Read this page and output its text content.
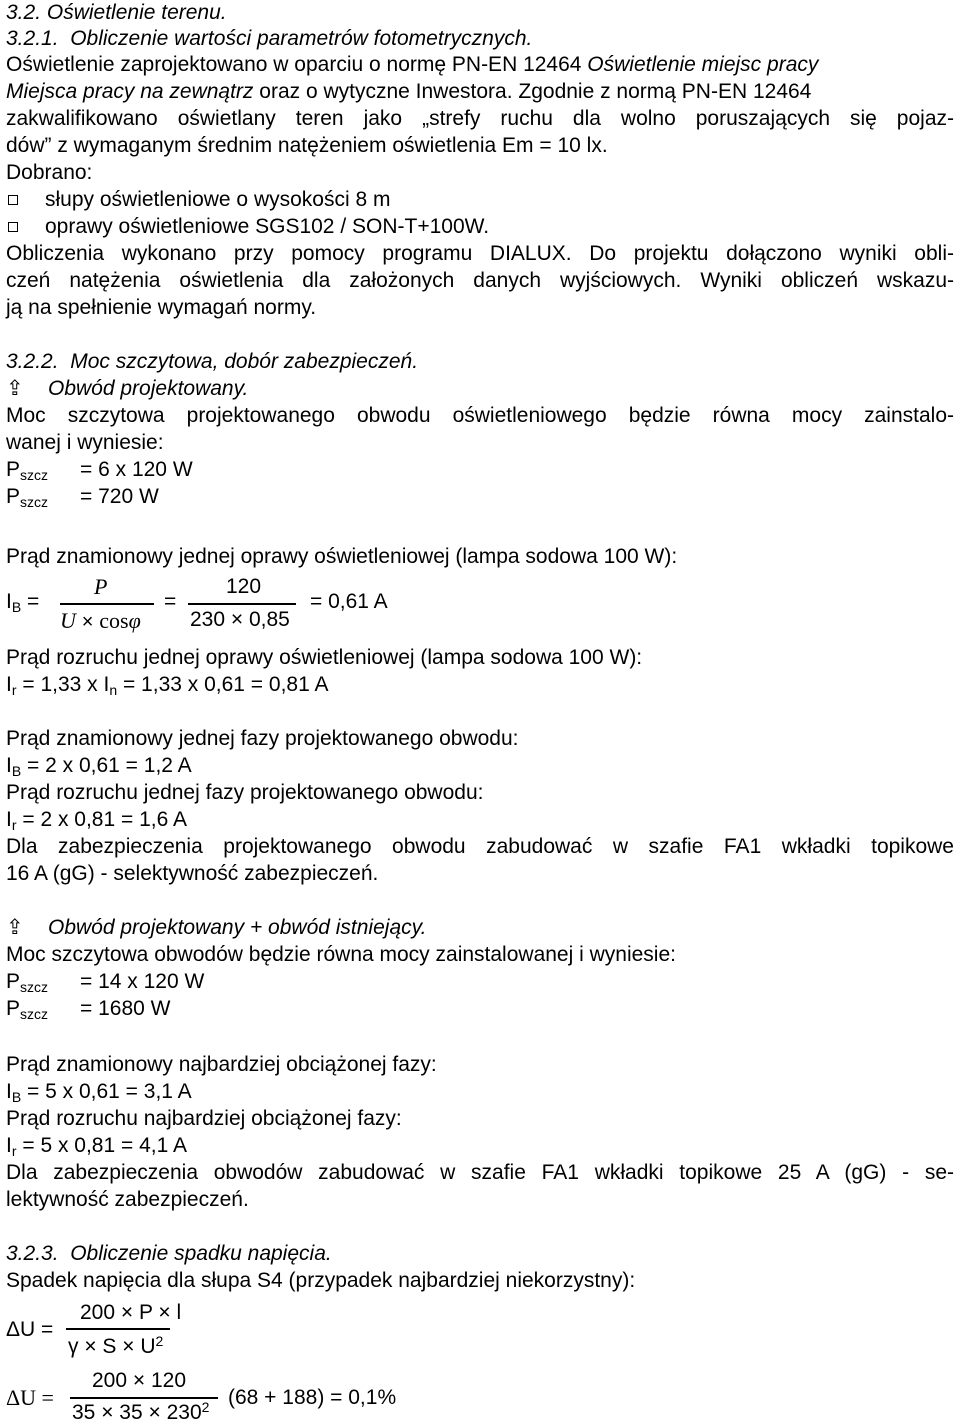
3.2. Oświetlenie terenu.
3.2.1.  Obliczenie wartości parametrów fotometrycznych.
Oświetlenie zaprojektowano w oparciu o normę PN-EN 12464 Oświetlenie miejsc pracy
Miejsca pracy na zewnątrz oraz o wytyczne Inwestora. Zgodnie z normą PN-EN 12464
zakwalifikowano oświetlany teren jako „strefy ruchu dla wolno poruszających się pojaz-
dów” z wymaganym średnim natężeniem oświetlenia Em = 10 lx.
Dobrano:
słupy oświetleniowe o wysokości 8 m
oprawy oświetleniowe SGS102 / SON-T+100W.
Obliczenia wykonano przy pomocy programu DIALUX. Do projektu dołączono wyniki obli-
czeń natężenia oświetlenia dla założonych danych wyjściowych. Wyniki obliczeń wskazu-
ją na spełnienie wymagań normy.
3.2.2.  Moc szczytowa, dobór zabezpieczeń.
⇪ Obwód projektowany.
Moc szczytowa projektowanego obwodu oświetleniowego będzie równa mocy zainstalo-
wanej i wyniesie:
$P_{szcz} = 6$ x 120 W
$P_{szcz} = 720$ W
Prąd znamionowy jednej oprawy oświetleniowej (lampa sodowa 100 W):
$I_B$ =
P
U × cosφ
=
120
230 × 0,85
= 0,61 A
Prąd rozruchu jednej oprawy oświetleniowej (lampa sodowa 100 W):
$I_r = 1,33$ x $I_n = 1,33$ x 0,61 = 0,81 A
Prąd znamionowy jednej fazy projektowanego obwodu:
$I_B = 2$ x 0,61 = 1,2 A
Prąd rozruchu jednej fazy projektowanego obwodu:
$I_r = 2$ x 0,81 = 1,6 A
Dla zabezpieczenia projektowanego obwodu zabudować w szafie FA1 wkładki topikowe
16 A (gG) - selektywność zabezpieczeń.
⇪ Obwód projektowany + obwód istniejący.
Moc szczytowa obwodów będzie równa mocy zainstalowanej i wyniesie:
$P_{szcz} = 14$ x 120 W
$P_{szcz} = 1680$ W
Prąd znamionowy najbardziej obciążonej fazy:
$I_B = 5$ x 0,61 = 3,1 A
Prąd rozruchu najbardziej obciążonej fazy:
$I_r = 5$ x 0,81 = 4,1 A
Dla zabezpieczenia obwodów zabudować w szafie FA1 wkładki topikowe 25 A (gG) - se-
lektywność zabezpieczeń.
3.2.3.  Obliczenie spadku napięcia.
Spadek napięcia dla słupa S4 (przypadek najbardziej niekorzystny):
ΔU =
200 × P × l
$\gamma \times S \times U^2$
ΔU =
200 × 120
$35 \times 35 \times 230^2$ (68 + 188) = 0,1%
